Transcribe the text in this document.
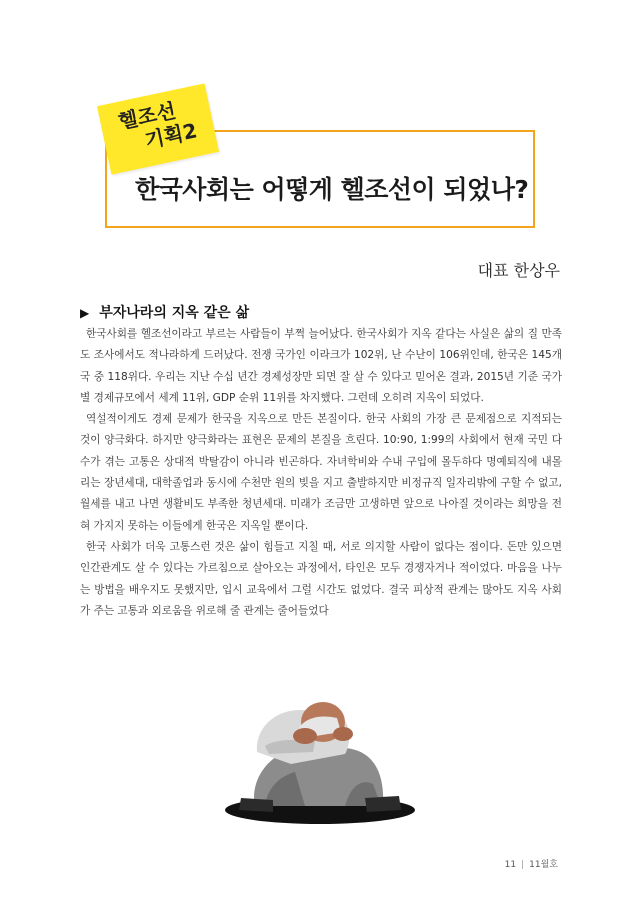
헬조선
기획2
한국사회는 어떻게 헬조선이 되었나?
대표 한상우
▶ 부자나라의 지옥 같은 삶

한국사회를 헬조선이라고 부르는 사람들이 부쩍 늘어났다. 한국사회가 지옥 같다는 사실은 삶의 질 만족도 조사에서도 적나라하게 드러났다. 전쟁 국가인 이라크가 102위, 난 수난이 106위인데, 한국은 145개국 중 118위다. 우리는 지난 수십 년간 경제성장만 되면 잘 살 수 있다고 믿어온 결과, 2015년 기준 국가별 경제규모에서 세계 11위, GDP 순위 11위를 차지했다. 그런데 오히려 지옥이 되었다.

역설적이게도 경제 문제가 한국을 지옥으로 만든 본질이다. 한국 사회의 가장 큰 문제점으로 지적되는 것이 양극화다. 하지만 양극화라는 표현은 문제의 본질을 흐린다. 10:90, 1:99의 사회에서 현재 국민 다수가 겪는 고통은 상대적 박탈감이 아니라 빈곤하다. 자녀학비와 수내 구입에 몰두하다 명예퇴직에 내몰리는 장년세대, 대학졸업과 동시에 수천만 원의 빚을 지고 출발하지만 비정규직 일자리밖에 구할 수 없고, 월세를 내고 나면 생활비도 부족한 청년세대. 미래가 조금만 고생하면 앞으로 나아질 것이라는 희망을 전혀 가지지 못하는 이들에게 한국은 지옥일 뿐이다.

한국 사회가 더욱 고통스런 것은 삶이 힘들고 지칠 때, 서로 의지할 사람이 없다는 점이다. 돈만 있으면 인간관계도 살 수 있다는 가르침으로 살아오는 과정에서, 타인은 모두 경쟁자거나 적이었다. 마음을 나누는 방법을 배우지도 못했지만, 입시 교육에서 그럴 시간도 없었다. 결국 피상적 관계는 많아도 지옥 사회가 주는 고통과 외로움을 위로해 줄 관계는 줄어들었다

11 | 11월호
